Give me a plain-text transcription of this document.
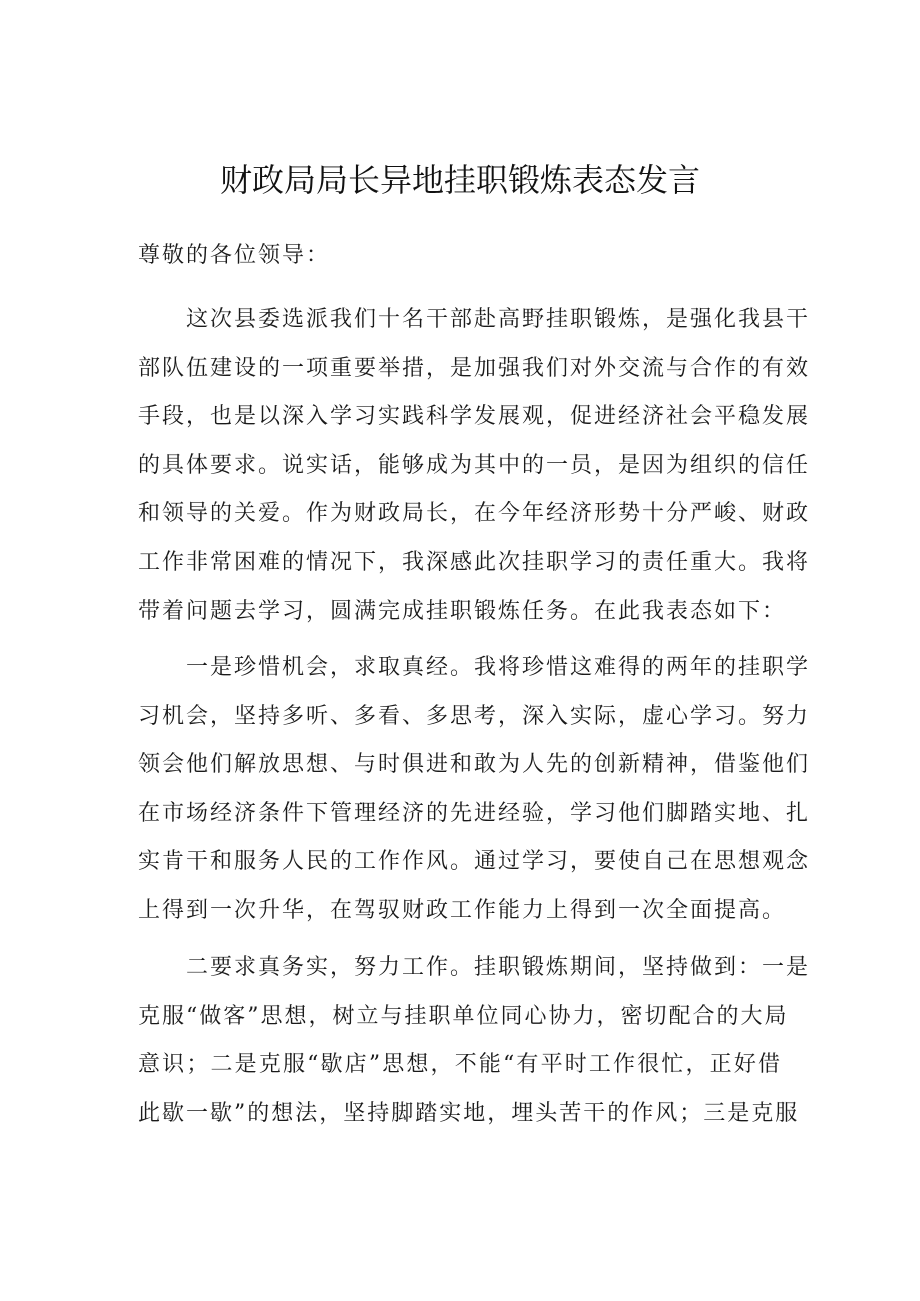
财政局局长异地挂职锻炼表态发言
尊敬的各位领导：
　　这次县委选派我们十名干部赴高野挂职锻炼，是强化我县干
部队伍建设的一项重要举措，是加强我们对外交流与合作的有效
手段，也是以深入学习实践科学发展观，促进经济社会平稳发展
的具体要求。说实话，能够成为其中的一员，是因为组织的信任
和领导的关爱。作为财政局长，在今年经济形势十分严峻、财政
工作非常困难的情况下，我深感此次挂职学习的责任重大。我将
带着问题去学习，圆满完成挂职锻炼任务。在此我表态如下：
　　一是珍惜机会，求取真经。我将珍惜这难得的两年的挂职学
习机会，坚持多听、多看、多思考，深入实际，虚心学习。努力
领会他们解放思想、与时俱进和敢为人先的创新精神，借鉴他们
在市场经济条件下管理经济的先进经验，学习他们脚踏实地、扎
实肯干和服务人民的工作作风。通过学习，要使自己在思想观念
上得到一次升华，在驾驭财政工作能力上得到一次全面提高。
　　二要求真务实，努力工作。挂职锻炼期间，坚持做到：一是
克服“做客”思想，树立与挂职单位同心协力，密切配合的大局
意识；二是克服“歇店”思想，不能“有平时工作很忙，正好借
此歇一歇”的想法，坚持脚踏实地，埋头苦干的作风；三是克服
